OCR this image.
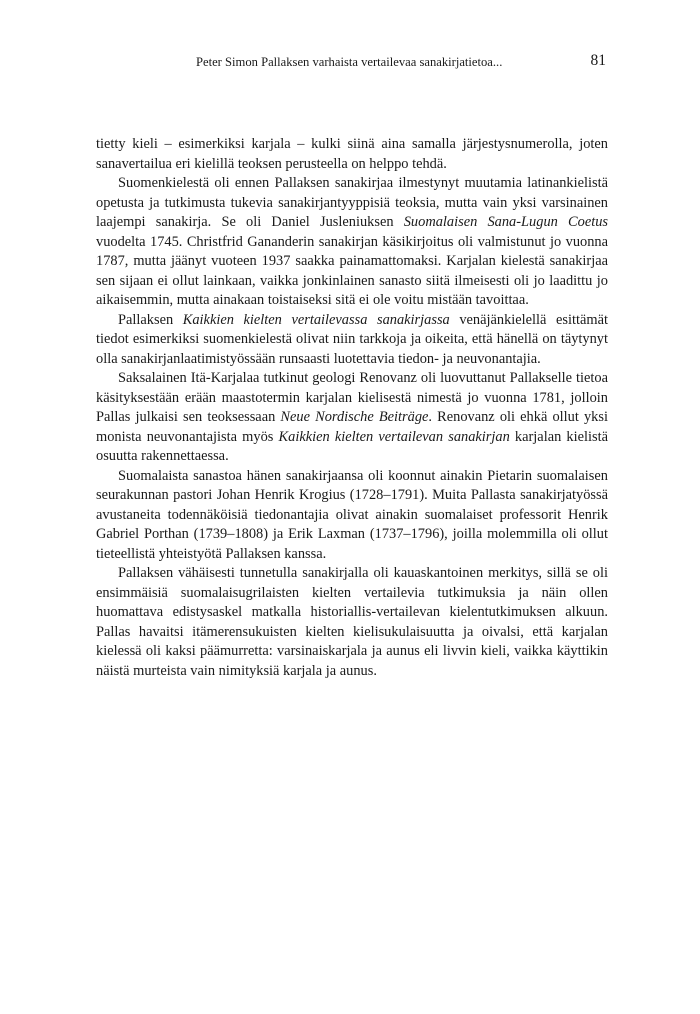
Peter Simon Pallaksen varhaista vertailevaa sanakirjatietoa...	81

tietty kieli – esimerkiksi karjala – kulki siinä aina samalla järjestysnumerolla, joten sanavertailua eri kielillä teoksen perusteella on helppo tehdä.

Suomenkielestä oli ennen Pallaksen sanakirjaa ilmestynyt muutamia latinankielistä opetusta ja tutkimusta tukevia sanakirjantyyppisiä teoksia, mutta vain yksi varsinainen laajempi sanakirja. Se oli Daniel Jusleniuksen Suomalaisen Sana-Lugun Coetus vuodelta 1745. Christfrid Gananderin sanakirjan käsikirjoitus oli valmistunut jo vuonna 1787, mutta jäänyt vuoteen 1937 saakka painamattomaksi. Karjalan kielestä sanakirjaa sen sijaan ei ollut lainkaan, vaikka jonkinlainen sanasto siitä ilmeisesti oli jo laadittu jo aikaisemmin, mutta ainakaan toistaiseksi sitä ei ole voitu mistään tavoittaa.

Pallaksen Kaikkien kielten vertailevassa sanakirjassa venäjänkielellä esittämät tiedot esimerkiksi suomenkielestä olivat niin tarkkoja ja oikeita, että hänellä on täytynyt olla sanakirjanlaatimistyössään runsaasti luotettavia tiedon- ja neuvonantajia.

Saksalainen Itä-Karjalaa tutkinut geologi Renovanz oli luovuttanut Pallakselle tietoa käsityksestään erään maastotermin karjalan kielisestä nimestä jo vuonna 1781, jolloin Pallas julkaisi sen teoksessaan Neue Nordische Beiträge. Renovanz oli ehkä ollut yksi monista neuvonantajista myös Kaikkien kielten vertailevan sanakirjan karjalan kielistä osuutta rakennettaessa.

Suomalaista sanastoa hänen sanakirjaansa oli koonnut ainakin Pietarin suomalaisen seurakunnan pastori Johan Henrik Krogius (1728–1791). Muita Pallasta sanakirjatyössä avustaneita todennäköisiä tiedonantajia olivat ainakin suomalaiset professorit Henrik Gabriel Porthan (1739–1808) ja Erik Laxman (1737–1796), joilla molemmilla oli ollut tieteellistä yhteistyötä Pallaksen kanssa.

Pallaksen vähäisesti tunnetulla sanakirjalla oli kauaskantoinen merkitys, sillä se oli ensimmäisiä suomalaisugrilaisten kielten vertailevia tutkimuksia ja näin ollen huomattava edistysaskel matkalla historiallis-vertailevan kielentutkimuksen alkuun. Pallas havaitsi itämerensukuisten kielten kielisukulaisuutta ja oivalsi, että karjalan kielessä oli kaksi päämurretta: varsinaiskarjala ja aunus eli livvin kieli, vaikka käyttikin näistä murteista vain nimityksiä karjala ja aunus.
